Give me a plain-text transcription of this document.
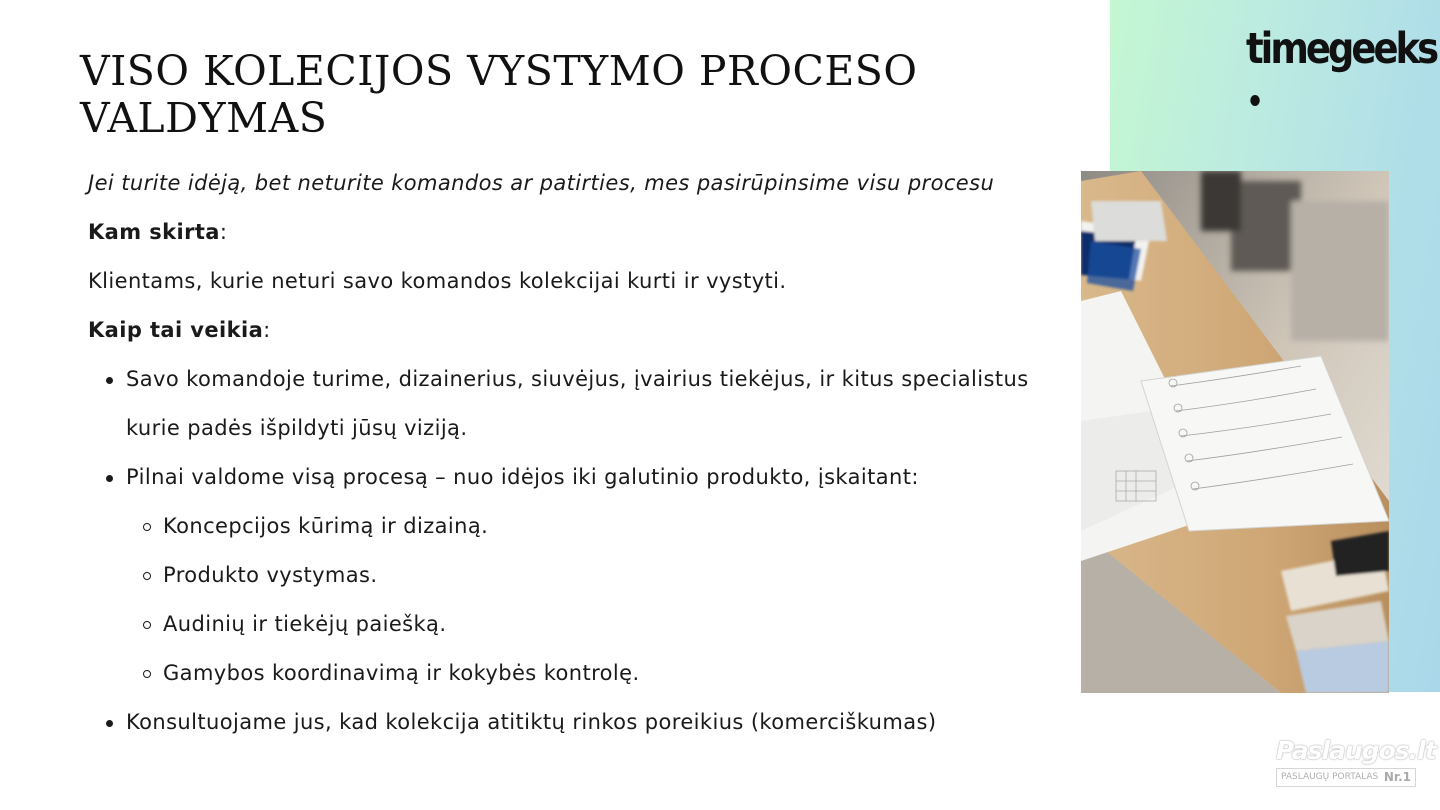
timegeeks
VISO KOLECIJOS VYSTYMO PROCESO
VALDYMAS
Jei turite idėją, bet neturite komandos ar patirties, mes pasirūpinsime visu procesu
Kam skirta:
Klientams, kurie neturi savo komandos kolekcijai kurti ir vystyti.
Kaip tai veikia:
Savo komandoje turime, dizainerius, siuvėjus, įvairius tiekėjus, ir kitus specialistus
kurie padės išpildyti jūsų viziją.
Pilnai valdome visą procesą – nuo idėjos iki galutinio produkto, įskaitant:
Koncepcijos kūrimą ir dizainą.
Produkto vystymas.
Audinių ir tiekėjų paiešką.
Gamybos koordinavimą ir kokybės kontrolę.
Konsultuojame jus, kad kolekcija atitiktų rinkos poreikius (komerciškumas)
Paslaugos.lt
PASLAUGŲ PORTALAS Nr.1
